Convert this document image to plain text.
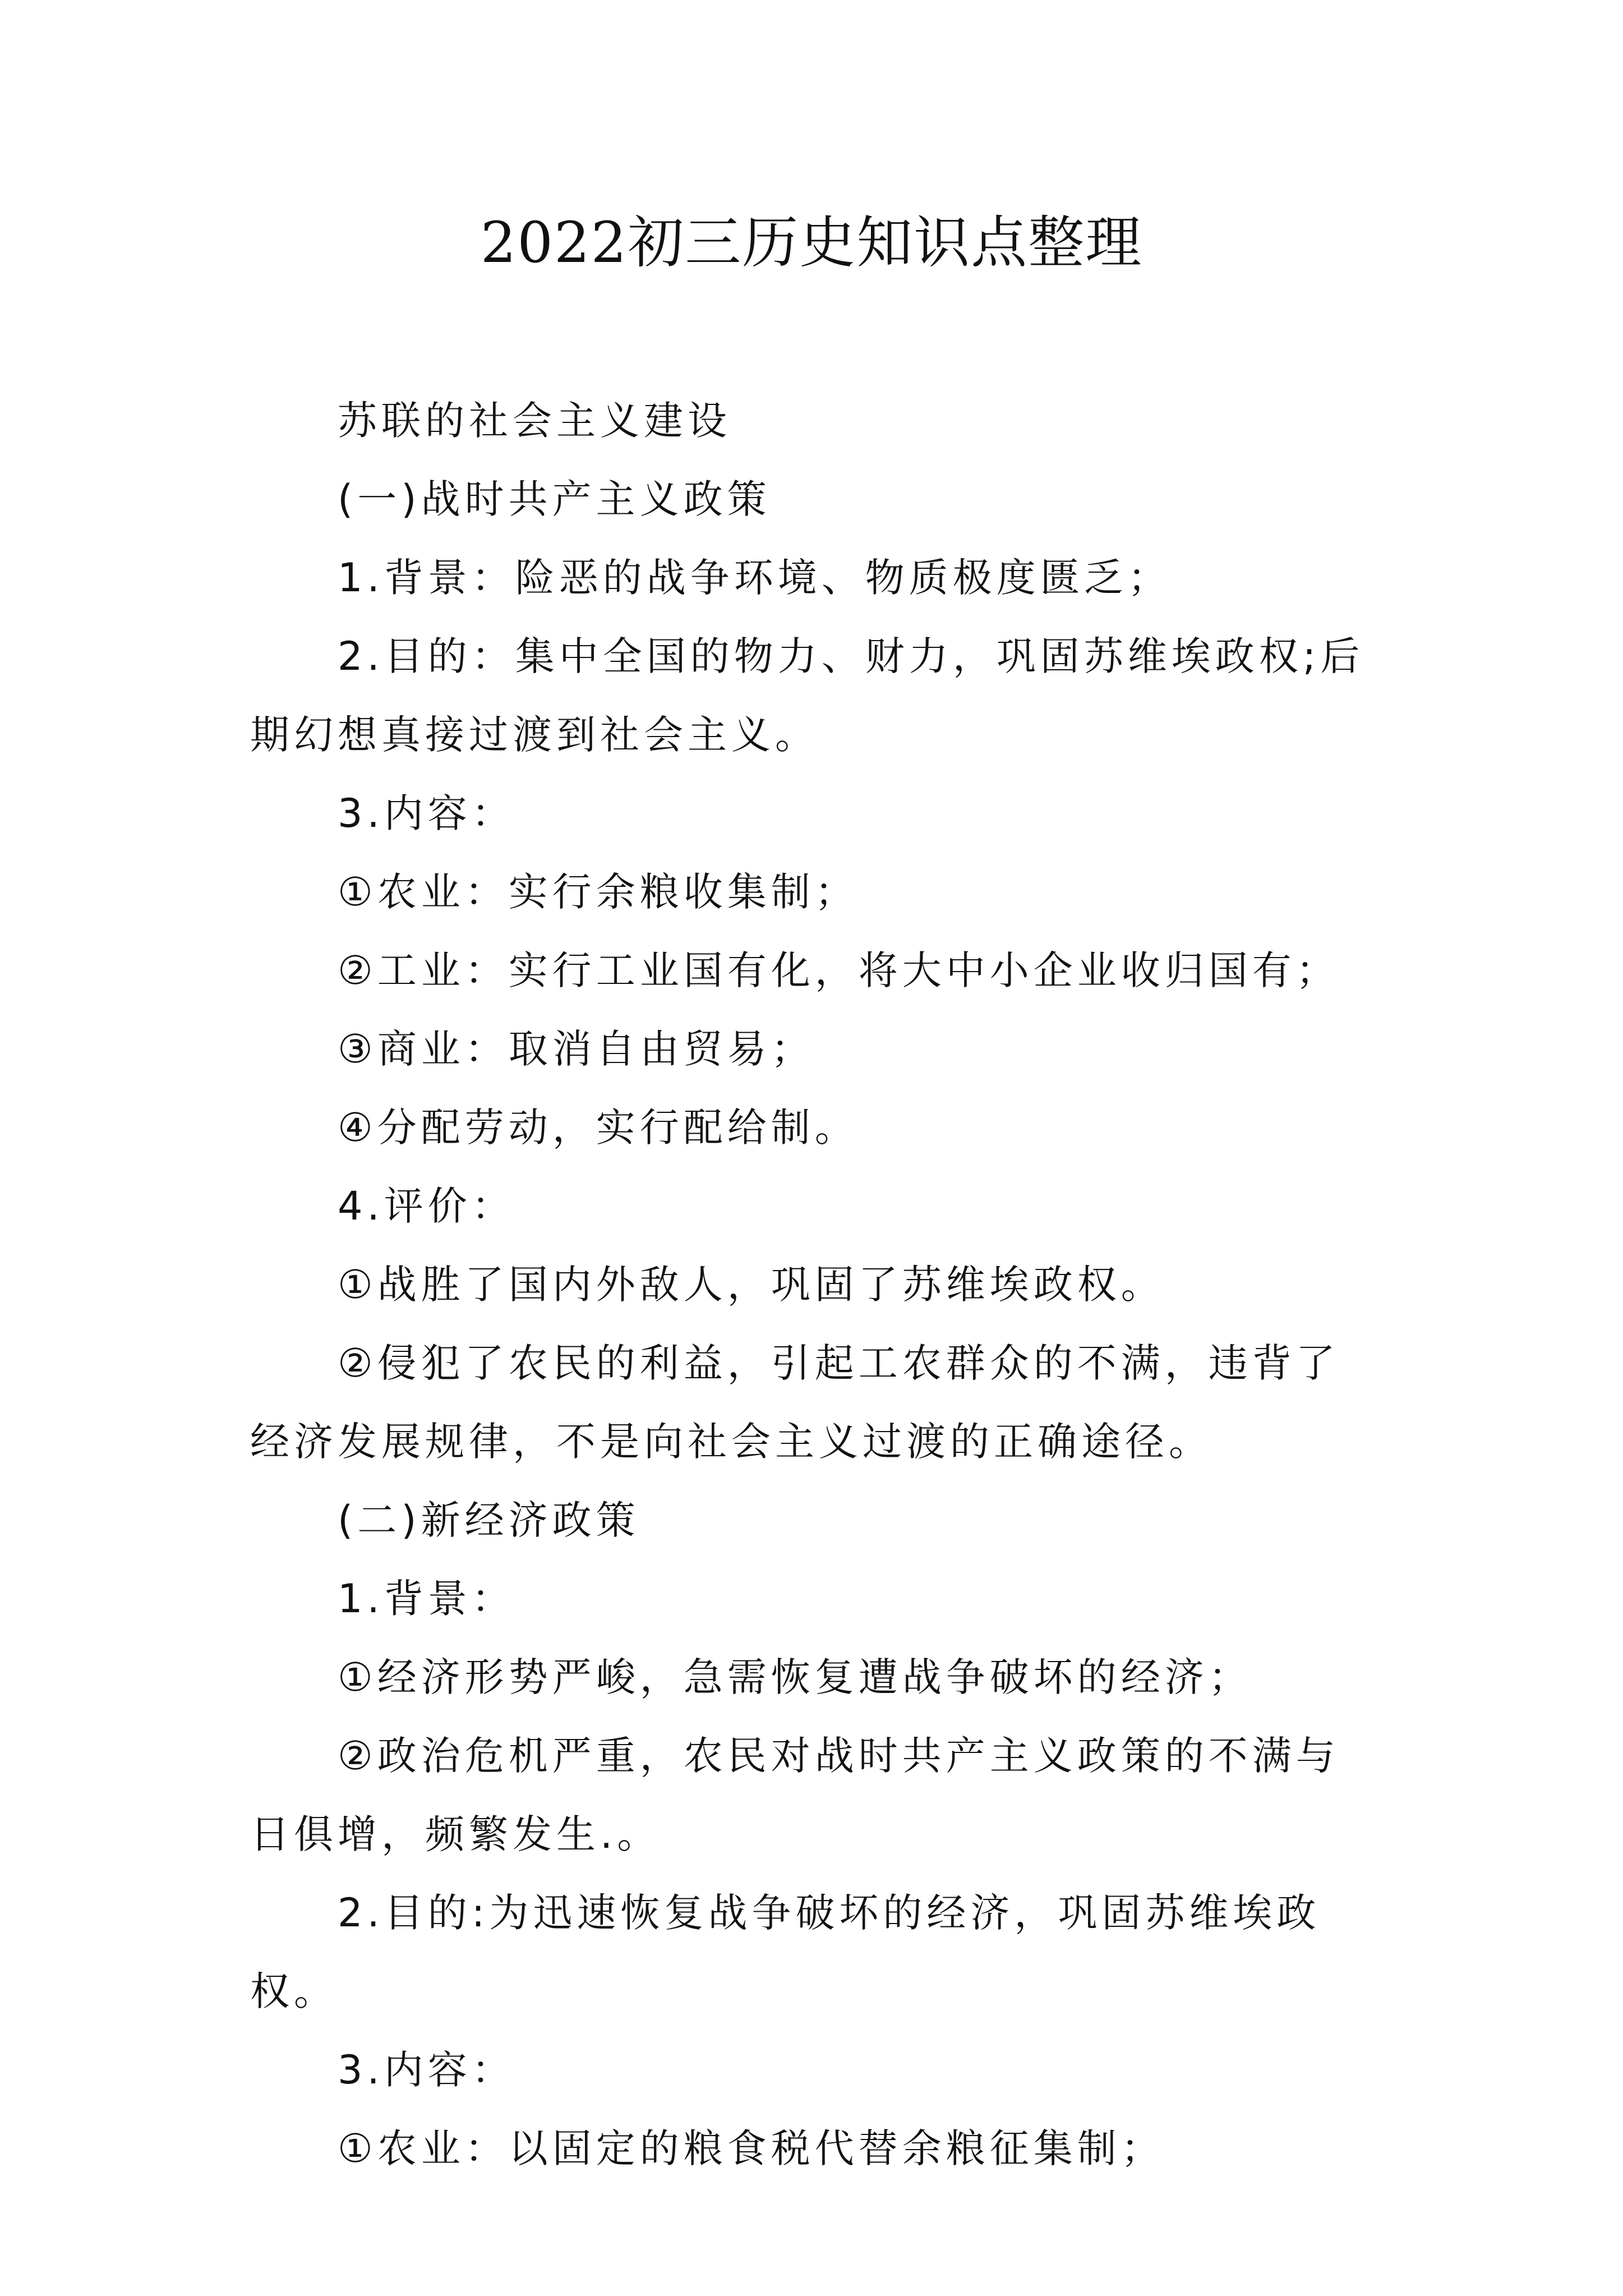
2022初三历史知识点整理

苏联的社会主义建设

(一)战时共产主义政策

1.背景：险恶的战争环境、物质极度匮乏；

2.目的：集中全国的物力、财力，巩固苏维埃政权;后期幻想真接过渡到社会主义。

3.内容：

①农业：实行余粮收集制；

②工业：实行工业国有化，将大中小企业收归国有；

③商业：取消自由贸易；

④分配劳动，实行配给制。

4.评价：

①战胜了国内外敌人，巩固了苏维埃政权。

②侵犯了农民的利益，引起工农群众的不满，违背了经济发展规律，不是向社会主义过渡的正确途径。

(二)新经济政策

1.背景：

①经济形势严峻，急需恢复遭战争破坏的经济；

②政治危机严重，农民对战时共产主义政策的不满与日俱增，频繁发生.。

2.目的:为迅速恢复战争破坏的经济，巩固苏维埃政权。

3.内容：

①农业：以固定的粮食税代替余粮征集制；
